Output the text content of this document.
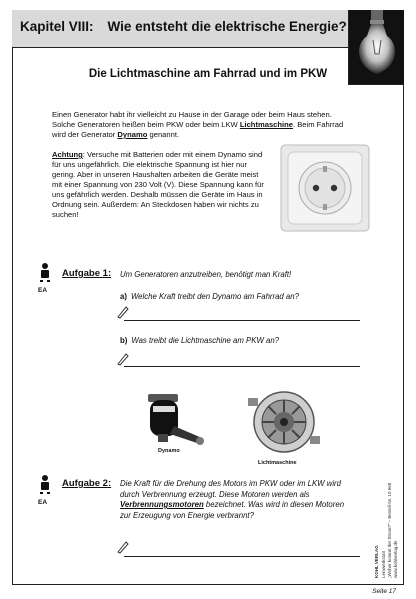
Kapitel VIII: Wie entsteht die elektrische Energie?
Die Lichtmaschine am Fahrrad und im PKW
Einen Generator habt ihr vielleicht zu Hause in der Garage oder beim Haus stehen. Solche Generatoren heißen beim PKW oder beim LKW Lichtmaschine. Beim Fahrrad wird der Generator Dynamo genannt.
Achtung: Versuche mit Batterien oder mit einem Dynamo sind für uns ungefährlich. Die elektrische Spannung ist hier nur gering. Aber in unseren Haushalten arbeiten die Geräte meist mit einer Spannung von 230 Volt (V). Diese Spannung kann für uns gefährlich werden. Deshalb müssen die Geräte im Haus in Ordnung sein. Außerdem: An Steckdosen haben wir nichts zu suchen!
EA
Aufgabe 1: Um Generatoren anzutreiben, benötigt man Kraft!
a) Welche Kraft treibt den Dynamo am Fahrrad an?
b) Was treibt die Lichtmaschine am PKW an?
Dynamo
Lichtmaschine
EA
Aufgabe 2: Die Kraft für die Drehung des Motors im PKW oder im LKW wird durch Verbrennung erzeugt. Diese Motoren werden als Verbrennungsmotoren bezeichnet. Was wird in diesen Motoren zur Erzeugung von Energie verbrannt?
KOHL VERLAG Lernwerkstatt „Woher kommt der Strom?“ – Bestell-Nr. 10 668 www.kohlverlag.de
Seite 17
